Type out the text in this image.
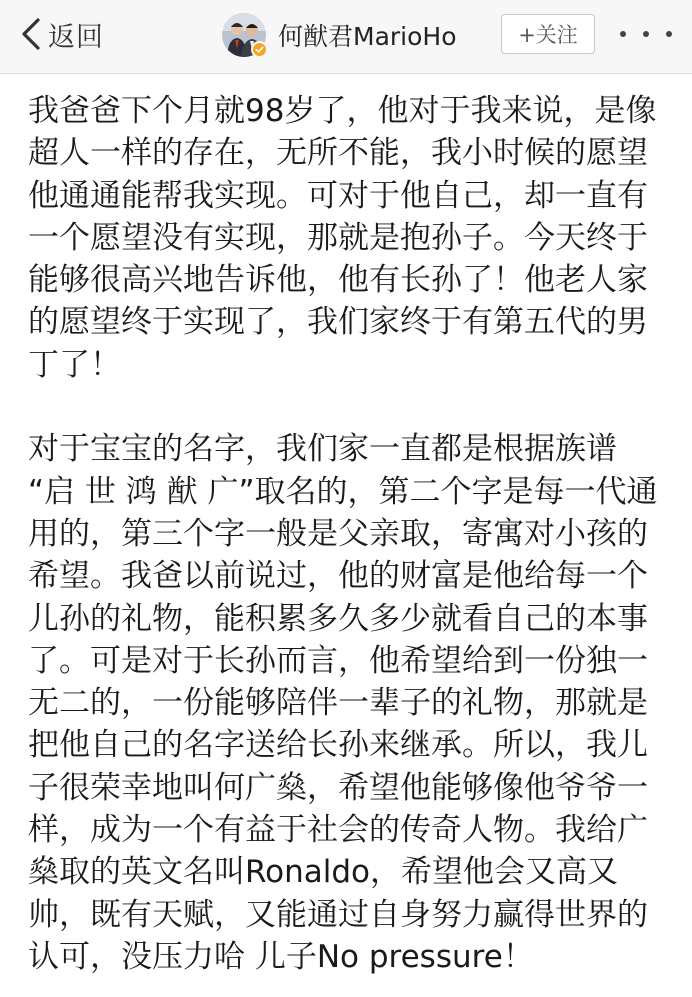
返回	何猷君MarioHo	+关注

我爸爸下个月就98岁了，他对于我来说，是像
超人一样的存在，无所不能，我小时候的愿望
他通通能帮我实现。可对于他自己，却一直有
一个愿望没有实现，那就是抱孙子。今天终于
能够很高兴地告诉他，他有长孙了！他老人家
的愿望终于实现了，我们家终于有第五代的男
丁了！

对于宝宝的名字，我们家一直都是根据族谱
“启 世 鸿 猷 广”取名的，第二个字是每一代通
用的，第三个字一般是父亲取，寄寓对小孩的
希望。我爸以前说过，他的财富是他给每一个
儿孙的礼物，能积累多久多少就看自己的本事
了。可是对于长孙而言，他希望给到一份独一
无二的，一份能够陪伴一辈子的礼物，那就是
把他自己的名字送给长孙来继承。所以，我儿
子很荣幸地叫何广燊，希望他能够像他爷爷一
样，成为一个有益于社会的传奇人物。我给广
燊取的英文名叫Ronaldo，希望他会又高又
帅，既有天赋，又能通过自身努力赢得世界的
认可，没压力哈 儿子No pressure！
